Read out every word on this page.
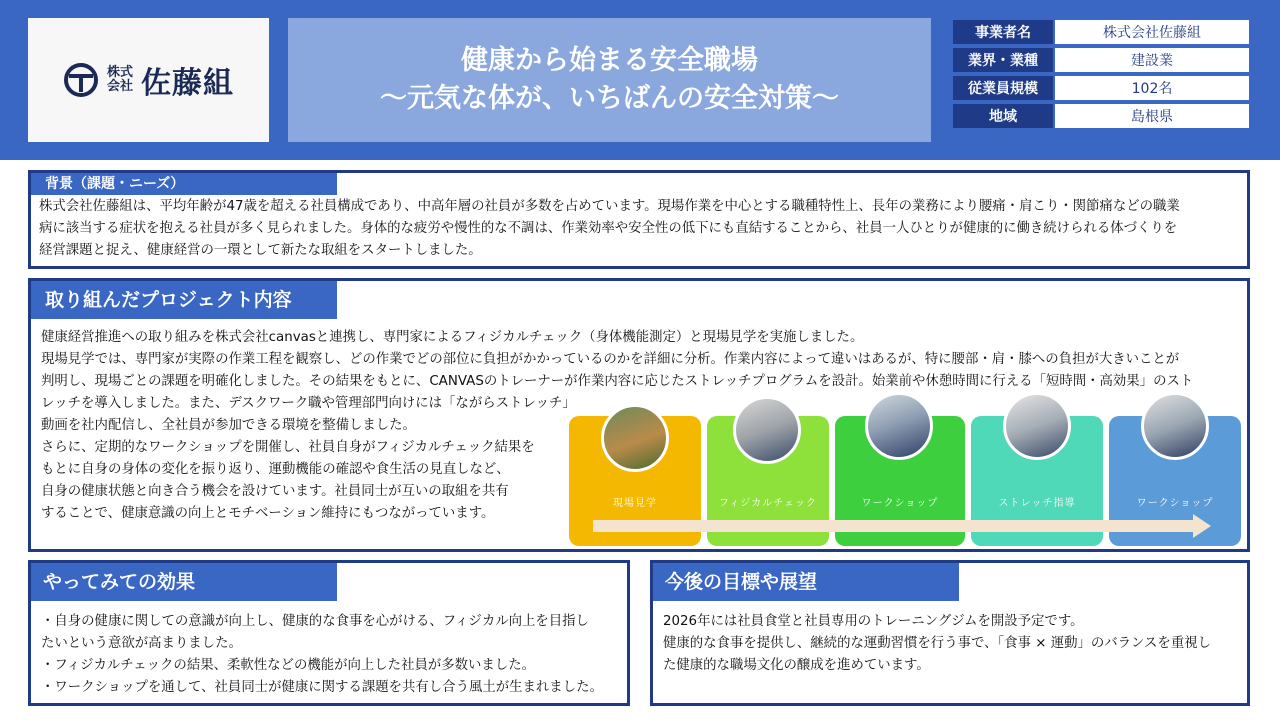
株式
会社 佐藤組
健康から始まる安全職場
〜元気な体が、いちばんの安全対策〜
事業者名	株式会社佐藤組
業界・業種	建設業
従業員規模	102名
地域	島根県
背景（課題・ニーズ）
株式会社佐藤組は、平均年齢が47歳を超える社員構成であり、中高年層の社員が多数を占めています。現場作業を中心とする職種特性上、長年の業務により腰痛・肩こり・関節痛などの職業
病に該当する症状を抱える社員が多く見られました。身体的な疲労や慢性的な不調は、作業効率や安全性の低下にも直結することから、社員一人ひとりが健康的に働き続けられる体づくりを
経営課題と捉え、健康経営の一環として新たな取組をスタートしました。
取り組んだプロジェクト内容
健康経営推進への取り組みを株式会社canvasと連携し、専門家によるフィジカルチェック（身体機能測定）と現場見学を実施しました。
現場見学では、専門家が実際の作業工程を観察し、どの作業でどの部位に負担がかかっているのかを詳細に分析。作業内容によって違いはあるが、特に腰部・肩・膝への負担が大きいことが
判明し、現場ごとの課題を明確化しました。その結果をもとに、CANVASのトレーナーが作業内容に応じたストレッチプログラムを設計。始業前や休憩時間に行える「短時間・高効果」のスト
レッチを導入しました。また、デスクワーク職や管理部門向けには「ながらストレッチ」
動画を社内配信し、全社員が参加できる環境を整備しました。
さらに、定期的なワークショップを開催し、社員自身がフィジカルチェック結果を
もとに自身の身体の変化を振り返り、運動機能の確認や食生活の見直しなど、
自身の健康状態と向き合う機会を設けています。社員同士が互いの取組を共有
することで、健康意識の向上とモチベーション維持にもつながっています。
現場見学	フィジカルチェック	ワークショップ	ストレッチ指導	ワークショップ
やってみての効果
・自身の健康に関しての意識が向上し、健康的な食事を心がける、フィジカル向上を目指し
たいという意欲が高まりました。
・フィジカルチェックの結果、柔軟性などの機能が向上した社員が多数いました。
・ワークショップを通して、社員同士が健康に関する課題を共有し合う風土が生まれました。
今後の目標や展望
2026年には社員食堂と社員専用のトレーニングジムを開設予定です。
健康的な食事を提供し、継続的な運動習慣を行う事で、「食事 × 運動」のバランスを重視し
た健康的な職場文化の醸成を進めています。
